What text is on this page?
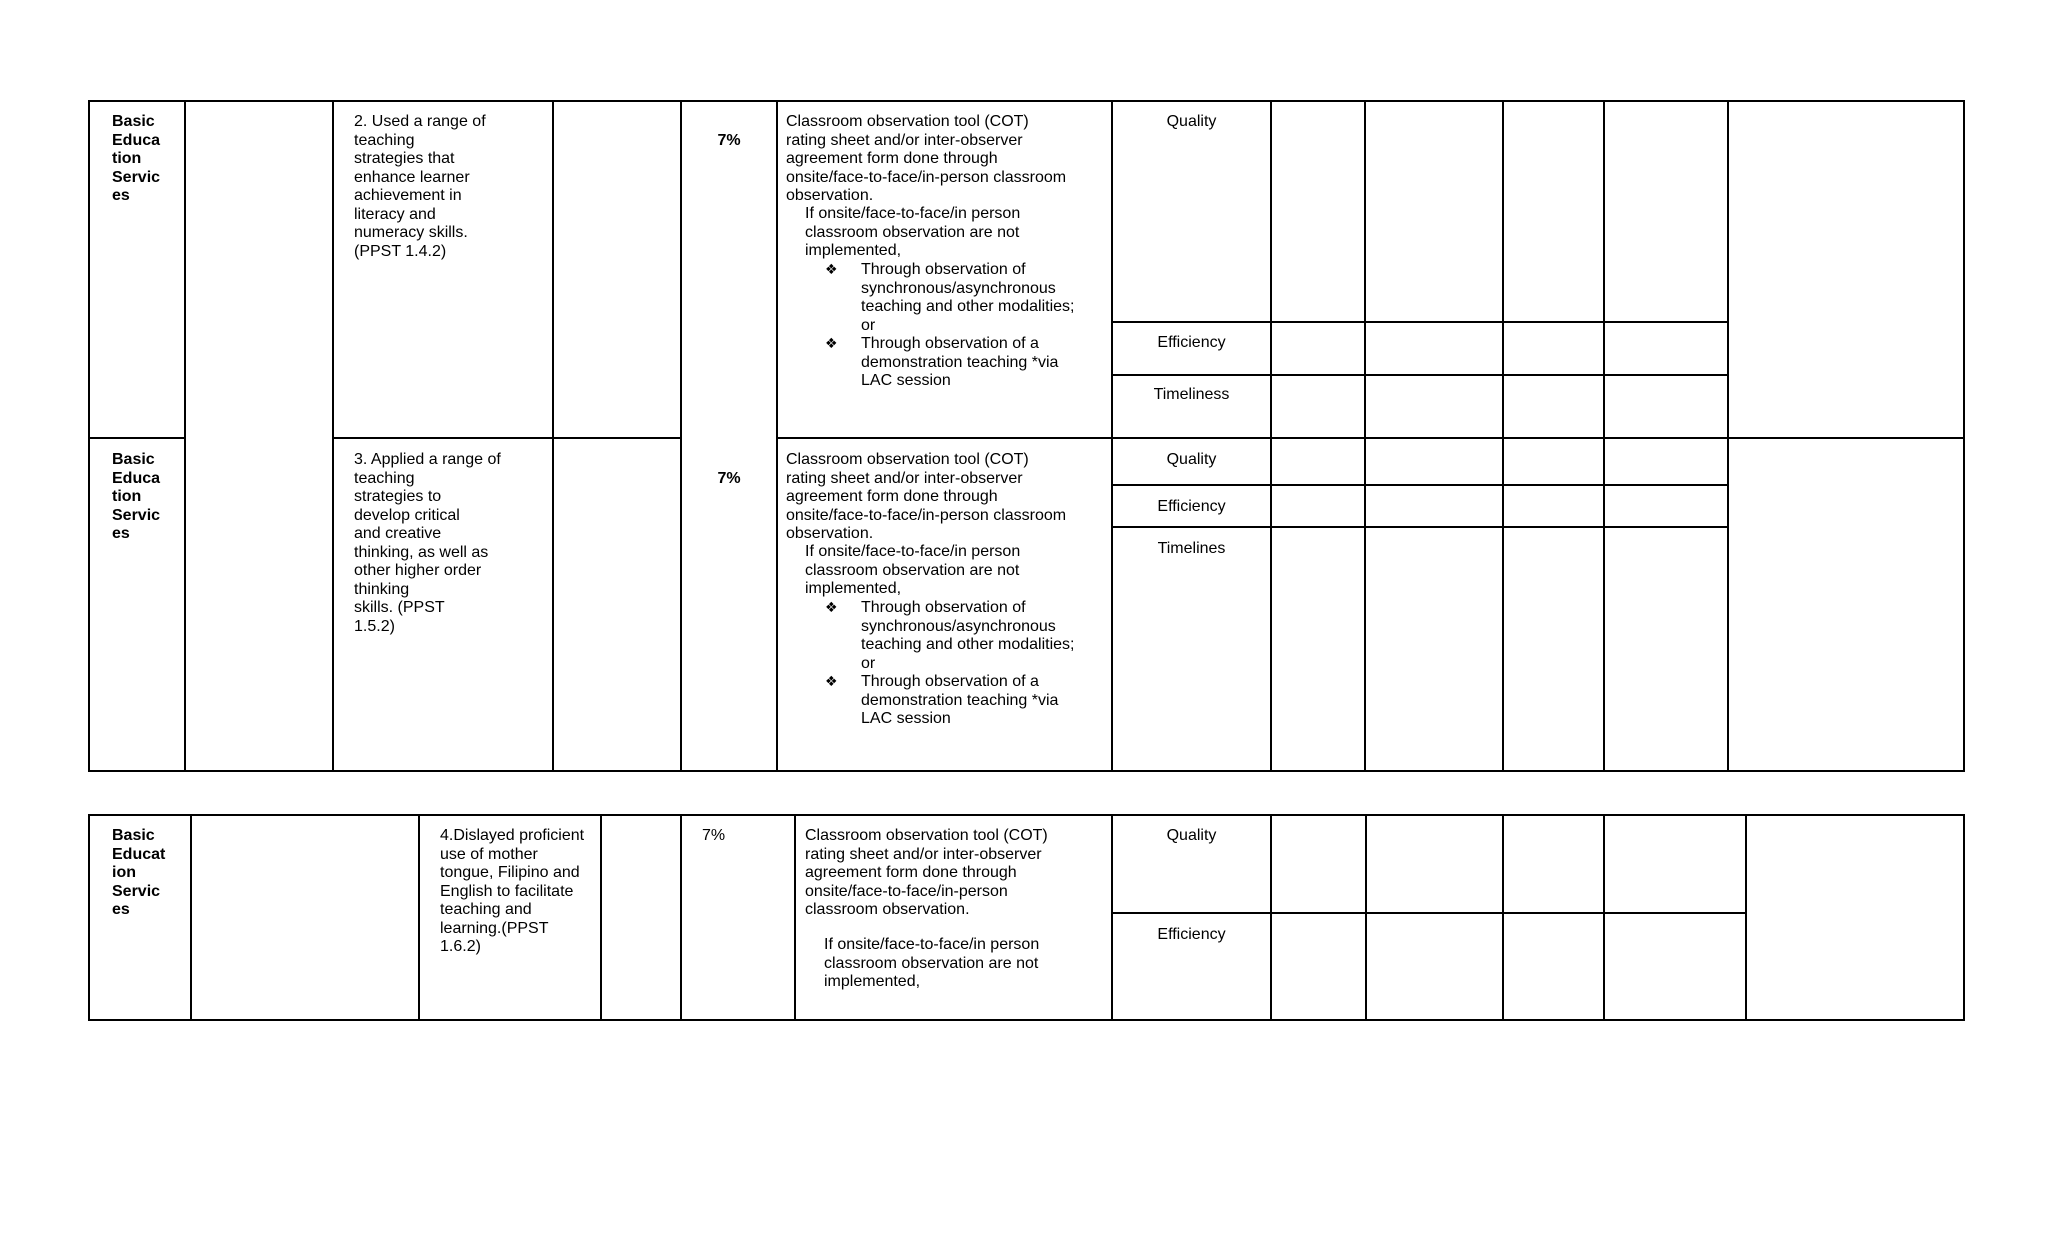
Basic
Educa
tion
Servic
es
2. Used a range of
teaching
strategies that
enhance learner
achievement in
literacy and
numeracy skills.
(PPST 1.4.2)
7%
Classroom observation tool (COT)
rating sheet and/or inter-observer
agreement form done through
onsite/face-to-face/in-person classroom
observation.
If onsite/face-to-face/in person
classroom observation are not
implemented,
❖ Through observation of
synchronous/asynchronous
teaching and other modalities;
or
❖ Through observation of a
demonstration teaching *via
LAC session
Quality
Efficiency
Timeliness
Basic
Educa
tion
Servic
es
3. Applied a range of
teaching
strategies to
develop critical
and creative
thinking, as well as
other higher order
thinking
skills. (PPST
1.5.2)
7%
Classroom observation tool (COT)
rating sheet and/or inter-observer
agreement form done through
onsite/face-to-face/in-person classroom
observation.
If onsite/face-to-face/in person
classroom observation are not
implemented,
❖ Through observation of
synchronous/asynchronous
teaching and other modalities;
or
❖ Through observation of a
demonstration teaching *via
LAC session
Quality
Efficiency
Timelines
Basic
Educat
ion
Servic
es
4.Dislayed proficient
use of mother
tongue, Filipino and
English to facilitate
teaching and
learning.(PPST
1.6.2)
7%	Classroom observation tool (COT)
rating sheet and/or inter-observer
agreement form done through
onsite/face-to-face/in-person
classroom observation.
If onsite/face-to-face/in person
classroom observation are not
implemented,
Quality
Efficiency
